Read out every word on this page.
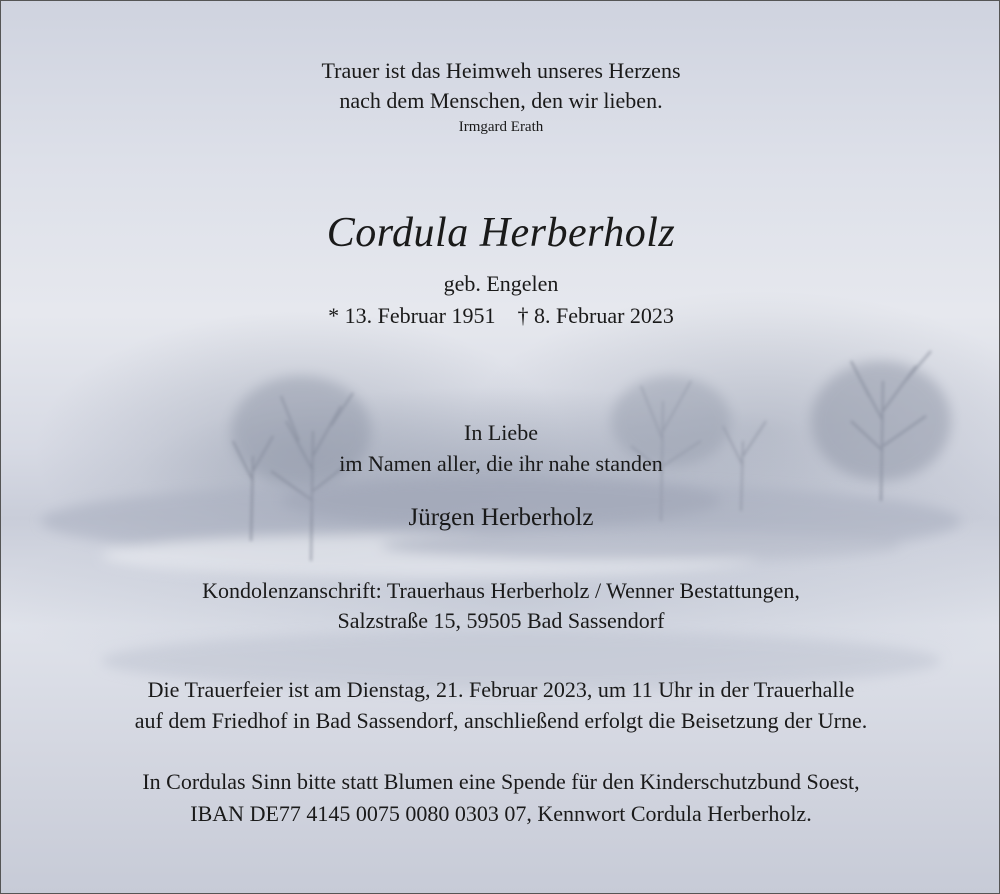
Trauer ist das Heimweh unseres Herzens
nach dem Menschen, den wir lieben.
Irmgard Erath
Cordula Herberholz
geb. Engelen
* 13. Februar 1951 † 8. Februar 2023
In Liebe
im Namen aller, die ihr nahe standen
Jürgen Herberholz
Kondolenzanschrift: Trauerhaus Herberholz / Wenner Bestattungen,
Salzstraße 15, 59505 Bad Sassendorf
Die Trauerfeier ist am Dienstag, 21. Februar 2023, um 11 Uhr in der Trauerhalle
auf dem Friedhof in Bad Sassendorf, anschließend erfolgt die Beisetzung der Urne.
In Cordulas Sinn bitte statt Blumen eine Spende für den Kinderschutzbund Soest,
IBAN DE77 4145 0075 0080 0303 07, Kennwort Cordula Herberholz.
